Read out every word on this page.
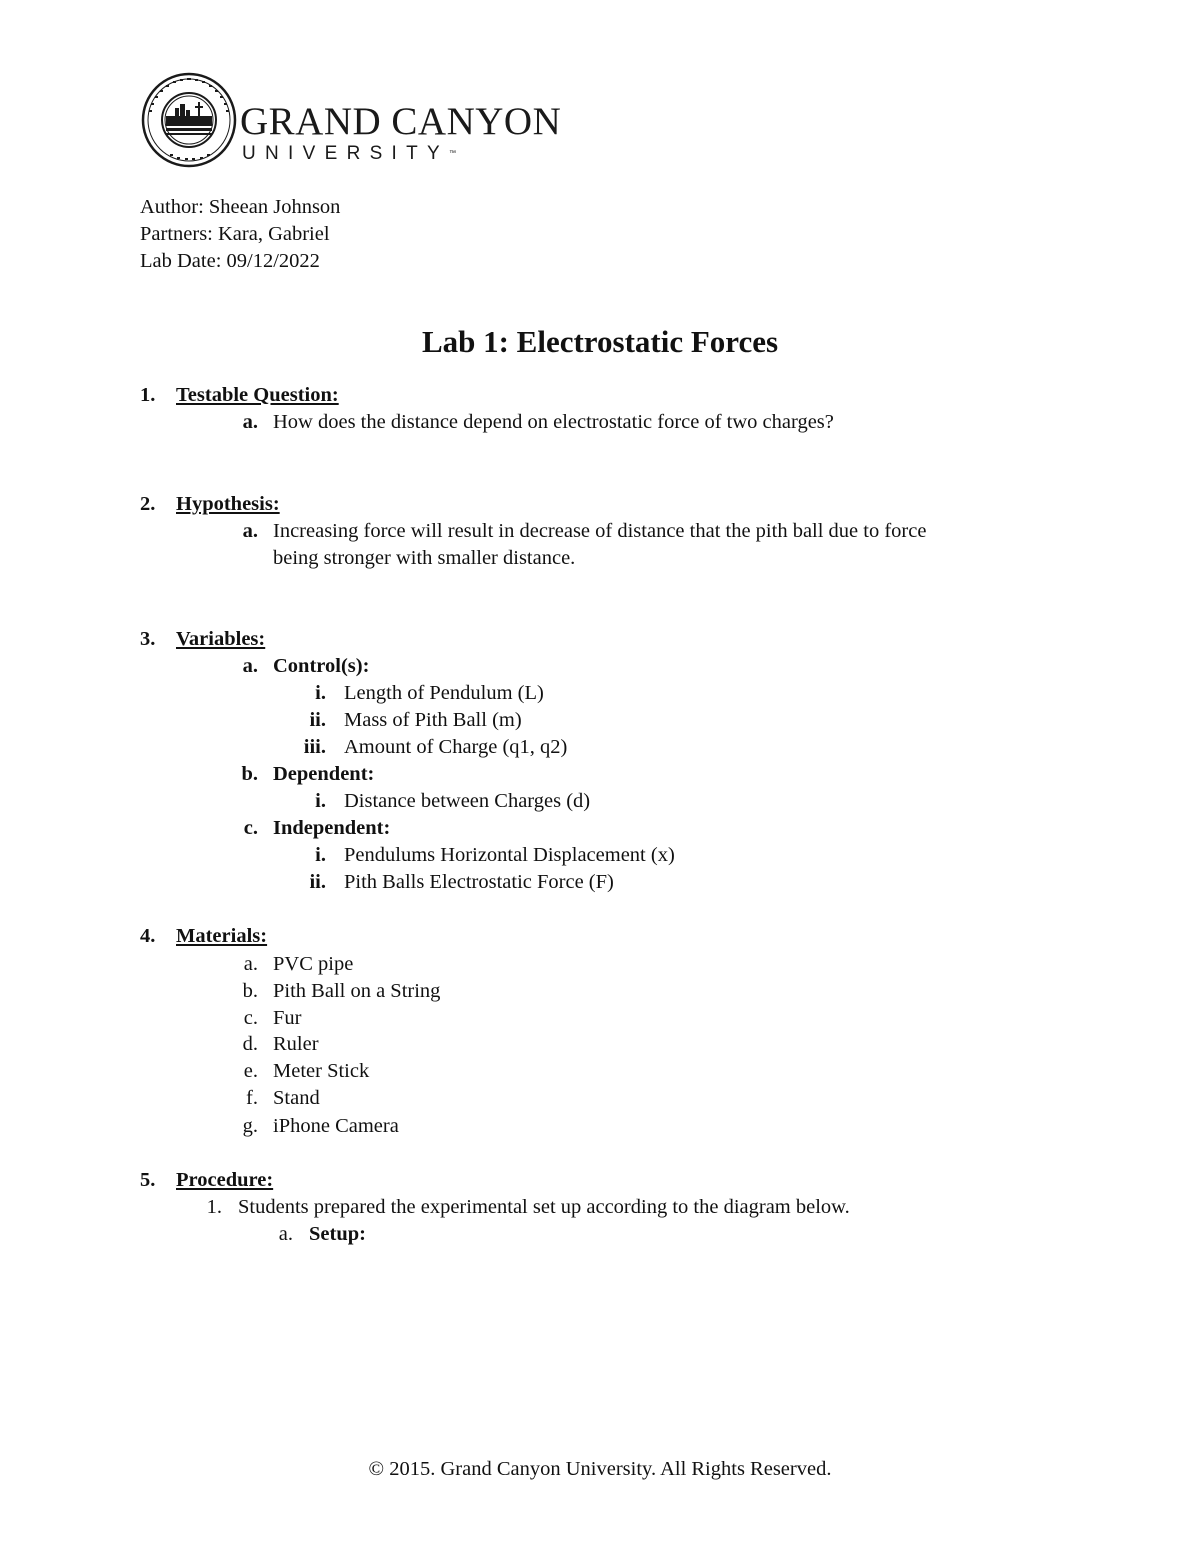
GRAND CANYON
UNIVERSITY™
Author: Sheean Johnson
Partners: Kara, Gabriel
Lab Date: 09/12/2022
Lab 1: Electrostatic Forces
1. Testable Question:
a. How does the distance depend on electrostatic force of two charges?
2. Hypothesis:
a. Increasing force will result in decrease of distance that the pith ball due to force
being stronger with smaller distance.
3. Variables:
a. Control(s):
i. Length of Pendulum (L)
ii. Mass of Pith Ball (m)
iii. Amount of Charge (q1, q2)
b. Dependent:
i. Distance between Charges (d)
c. Independent:
i. Pendulums Horizontal Displacement (x)
ii. Pith Balls Electrostatic Force (F)
4. Materials:
a. PVC pipe
b. Pith Ball on a String
c. Fur
d. Ruler
e. Meter Stick
f. Stand
g. iPhone Camera
5. Procedure:
1. Students prepared the experimental set up according to the diagram below.
a. Setup:
© 2015. Grand Canyon University. All Rights Reserved.
